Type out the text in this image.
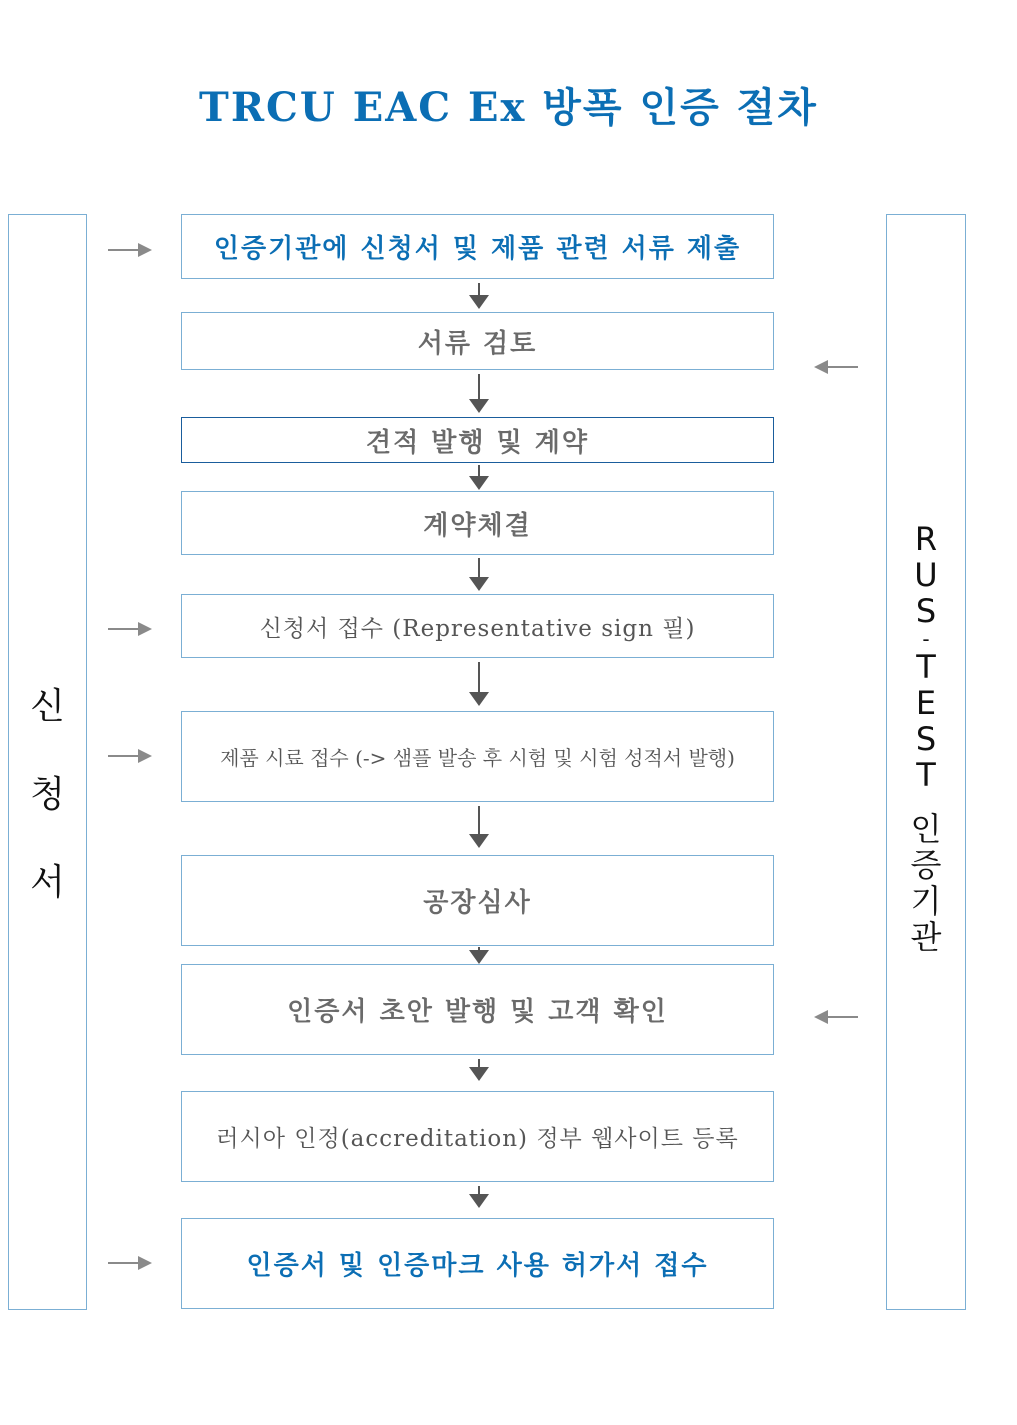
TRCU EAC Ex 방폭 인증 절차
신
청
서
R
U
S
-
T
E
S
T
인
증
기
관
인증기관에 신청서 및 제품 관련 서류 제출
서류 검토
견적 발행 및 계약
계약체결
신청서 접수 (Representative sign 필)
제품 시료 접수 (-> 샘플 발송 후 시험 및 시험 성적서 발행)
공장심사
인증서 초안 발행 및 고객 확인
러시아 인정(accreditation) 정부 웹사이트 등록
인증서 및 인증마크 사용 허가서 접수
